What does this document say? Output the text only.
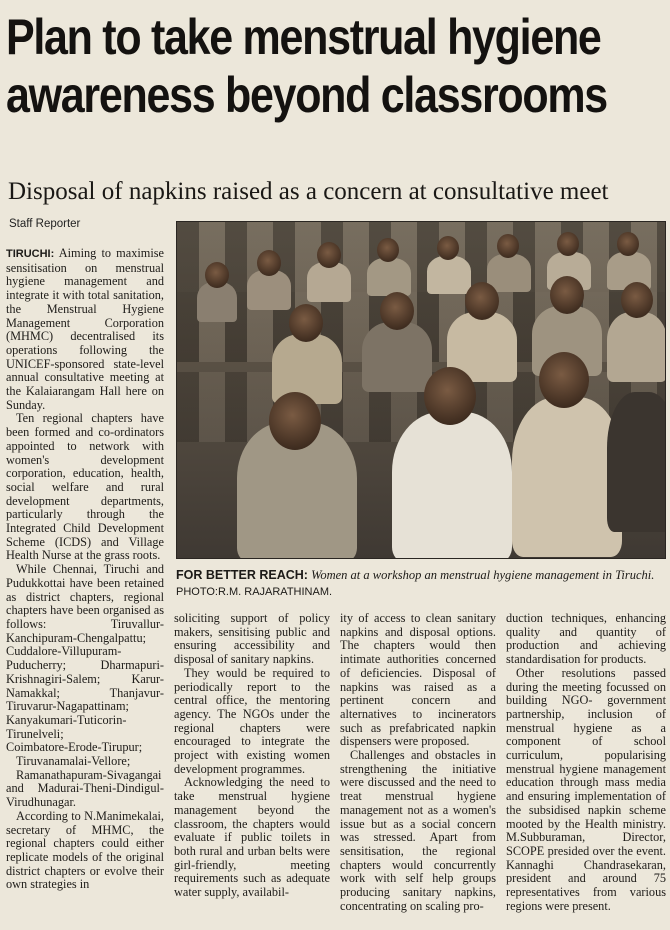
Plan to take menstrual hygiene
awareness beyond classrooms
Disposal of napkins raised as a concern at consultative meet
Staff Reporter
FOR BETTER REACH: Women at a workshop an menstrual hygiene management in Tiruchi. PHOTO:R.M. RAJARATHINAM.

TIRUCHI: Aiming to maximise sensitisation on menstrual hygiene management and integrate it with total sanitation, the Menstrual Hygiene Management Corporation (MHMC) decentralised its operations following the UNICEF-sponsored state-level annual consultative meeting at the Kalaiarangam Hall here on Sunday.

Ten regional chapters have been formed and co-ordinators appointed to network with women's development corporation, education, health, social welfare and rural development departments, particularly through the Integrated Child Development Scheme (ICDS) and Village Health Nurse at the grass roots.

While Chennai, Tiruchi and Pudukkottai have been retained as district chapters, regional chapters have been organised as follows: Tiruvallur- Kanchipuram-Chengalpattu;

Cuddalore-Villupuram-Puducherry; Dharmapuri-Krishnagiri-Salem; Karur-Namakkal; Thanjavur-Tiruvarur-Nagapattinam; Kanyakumari-Tuticorin-Tirunelveli;

Coimbatore-Erode-Tirupur;

Tiruvanamalai-Vellore;

Ramanathapuram-Sivagangai and Madurai-Theni-Dindigul-Virudhunagar.

According to N.Manimekalai, secretary of MHMC, the regional chapters could either replicate models of the original district chapters or evolve their own strategies in

soliciting support of policy makers, sensitising public and ensuring accessibility and disposal of sanitary napkins.

They would be required to periodically report to the central office, the mentoring agency. The NGOs under the regional chapters were encouraged to integrate the project with existing women development programmes.

Acknowledging the need to take menstrual hygiene management beyond the classroom, the chapters would evaluate if public toilets in both rural and urban belts were girl-friendly, meeting requirements such as adequate water supply, availabil-

ity of access to clean sanitary napkins and disposal options. The chapters would then intimate authorities concerned of deficiencies. Disposal of napkins was raised as a pertinent concern and alternatives to incinerators such as prefabricated napkin dispensers were proposed.

Challenges and obstacles in strengthening the initiative were discussed and the need to treat menstrual hygiene management not as a women's issue but as a social concern was stressed. Apart from sensitisation, the regional chapters would concurrently work with self help groups producing sanitary napkins, concentrating on scaling pro-

duction techniques, enhancing quality and quantity of production and achieving standardisation for products.

Other resolutions passed during the meeting focussed on building NGO- government partnership, inclusion of menstrual hygiene as a component of school curriculum, popularising menstrual hygiene management education through mass media and ensuring implementation of the subsidised napkin scheme mooted by the Health ministry. M.Subburaman, Director, SCOPE presided over the event. Kannaghi Chandrasekaran, president and around 75 representatives from various regions were present.
